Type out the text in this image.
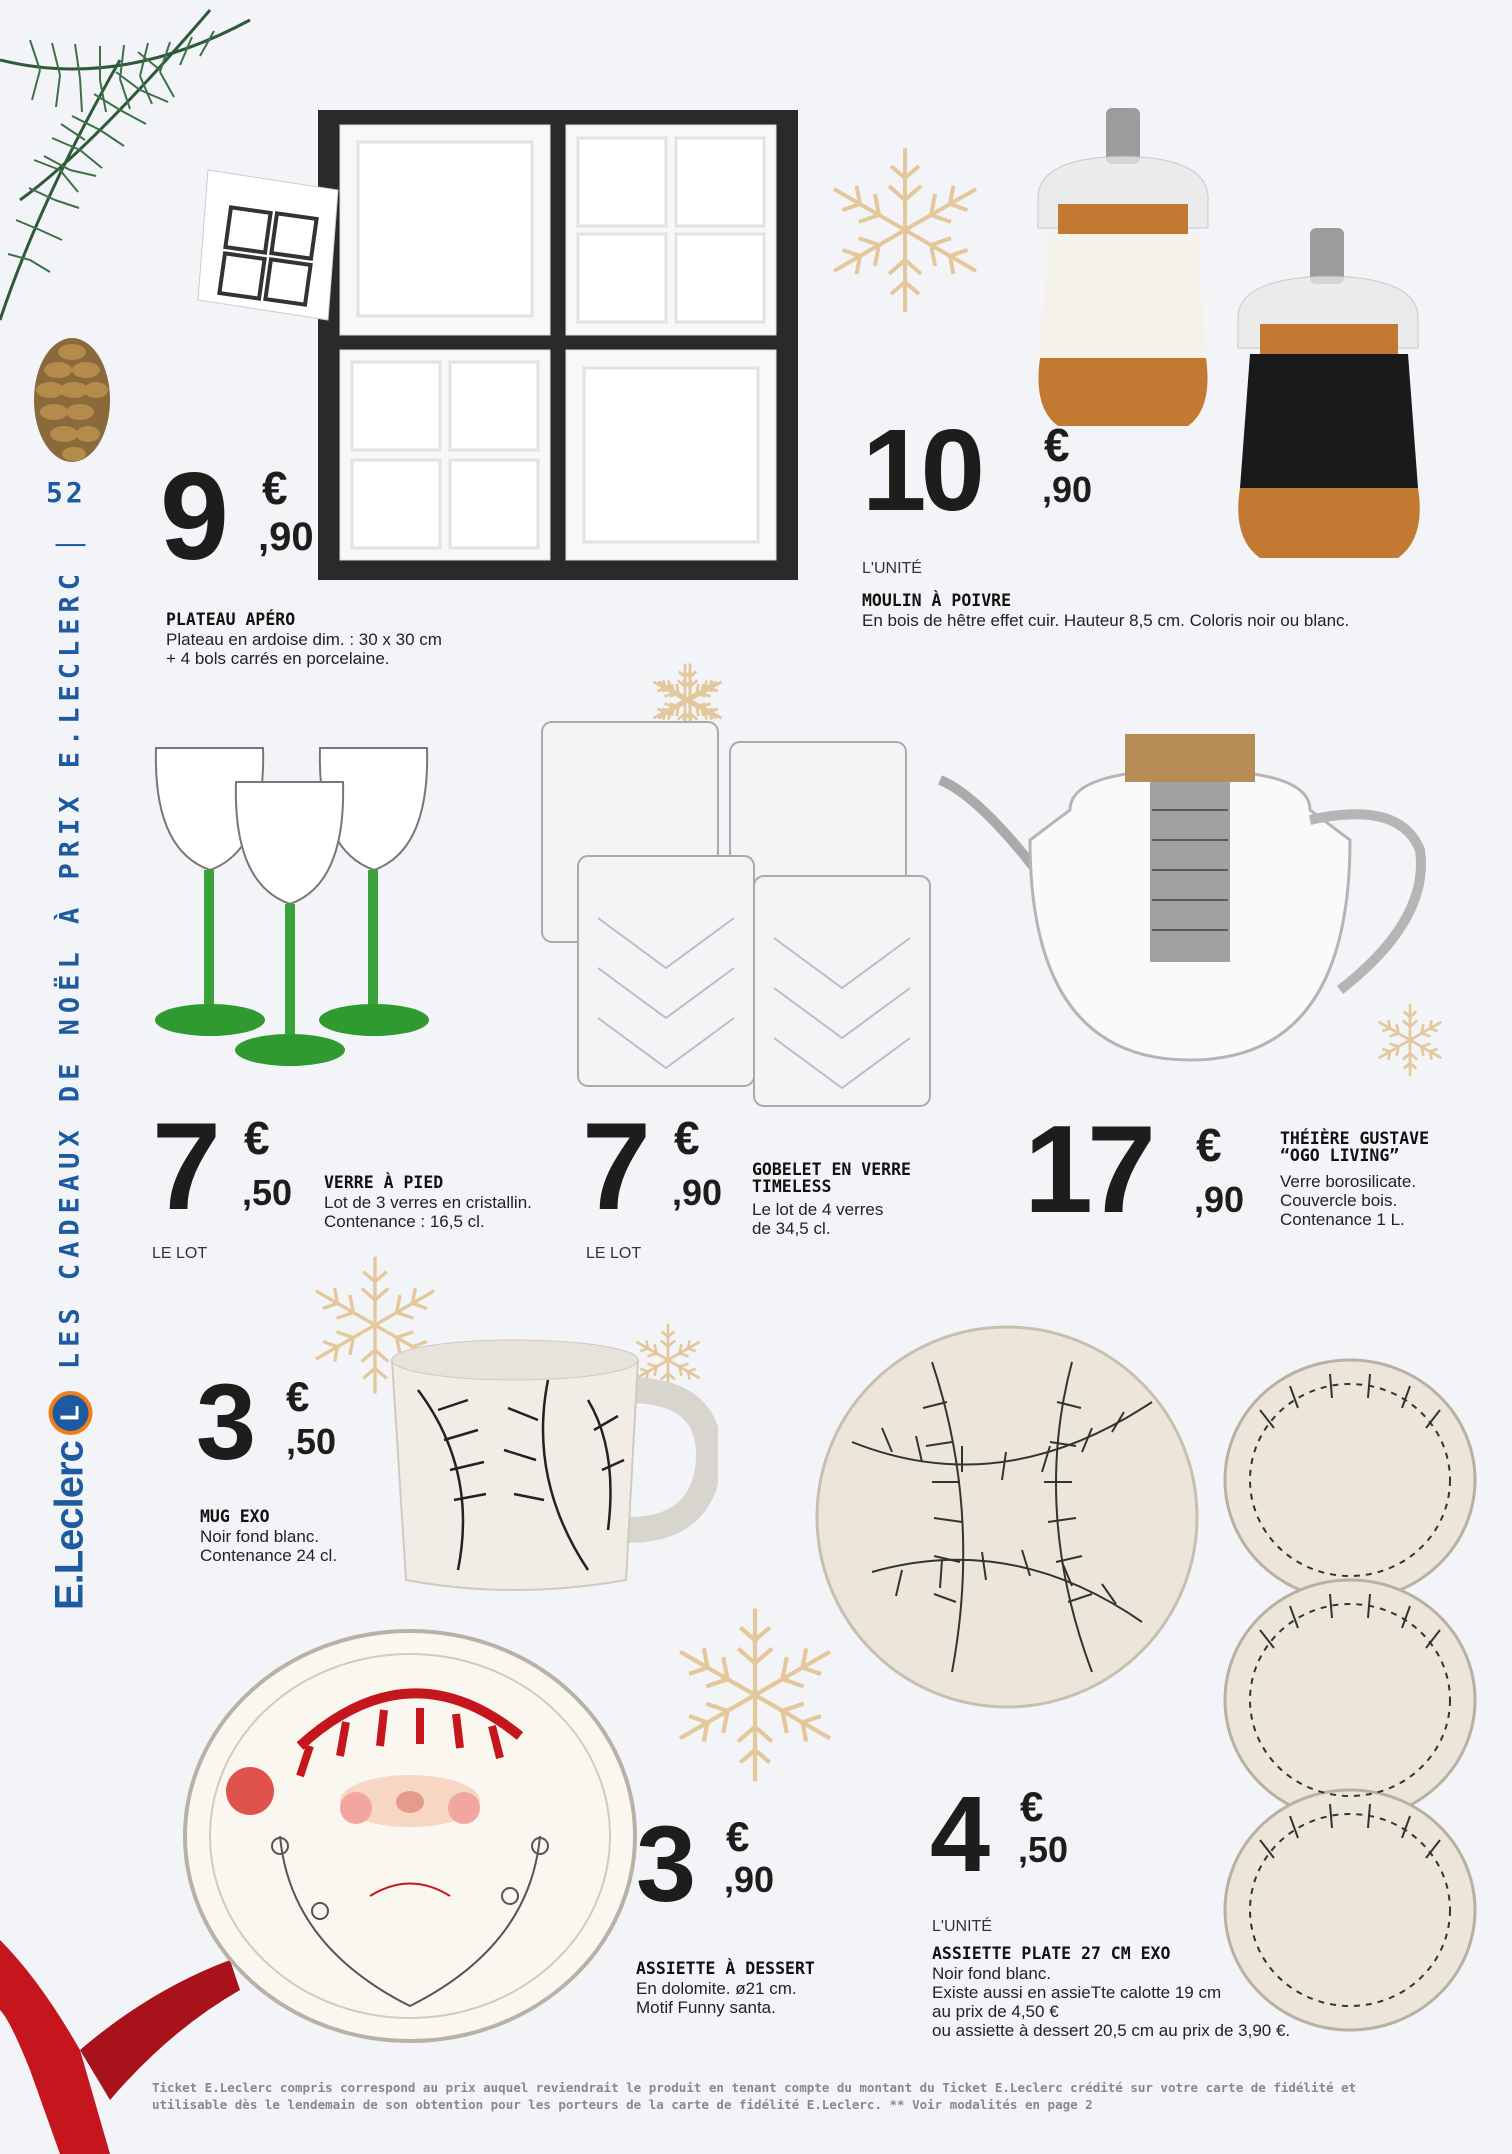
E.Leclerc
L
LES CADEAUX DE NOËL À PRIX E.LECLERC
52 9 €
,90
PLATEAU APÉRO
Plateau en ardoise dim. : 30 x 30 cm
+ 4 bols carrés en porcelaine.
10 €
,90
L'UNITÉ
MOULIN À POIVRE
En bois de hêtre effet cuir. Hauteur 8,5 cm. Coloris noir ou blanc.
7 €
,50
LE LOT
VERRE À PIED
Lot de 3 verres en cristallin.
Contenance : 16,5 cl. 7 €
,90
LE LOT
GOBELET EN VERRE
TIMELESS
Le lot de 4 verres
de 34,5 cl.	17 €
,90
THÉIÈRE GUSTAVE
“OGO LIVING”
Verre borosilicate.
Couvercle bois.
Contenance 1 L.
3 €
,50
MUG EXO
Noir fond blanc.
Contenance 24 cl.
3 €
,90
ASSIETTE À DESSERT
En dolomite. ø21 cm.
Motif Funny santa.
4 €
,50
L'UNITÉ
ASSIETTE PLATE 27 CM EXO
Noir fond blanc.
Existe aussi en assieTte calotte 19 cm
au prix de 4,50 €
ou assiette à dessert 20,5 cm au prix de 3,90 €.
Ticket E.Leclerc compris correspond au prix auquel reviendrait le produit en tenant compte du montant du Ticket E.Leclerc crédité sur votre carte de fidélité et
utilisable dès le lendemain de son obtention pour les porteurs de la carte de fidélité E.Leclerc. ** Voir modalités en page 2
